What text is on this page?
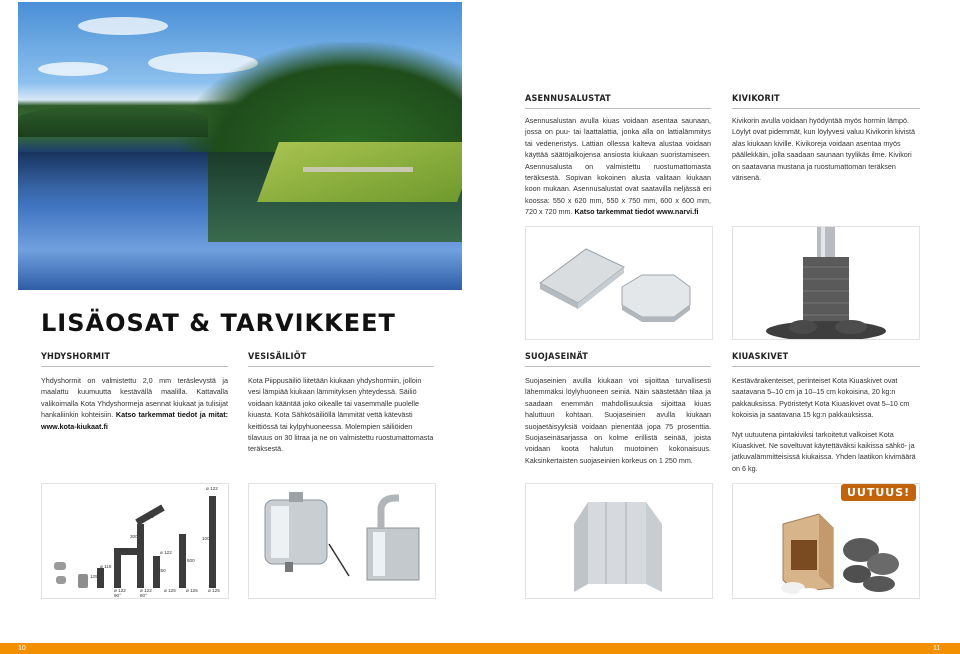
ASENNUSALUSTAT
Asennusalustan avulla kiuas voidaan asentaa saunaan, jossa on puu- tai laattalattia, jonka alla on lattialämmitys tai vedeneristys. Lattian ollessa kalteva alustaa voidaan käyttää säätöjalkojensa ansiosta kiukaan suoristamiseen. Asennusalusta on valmistettu ruostumattomasta teräksestä. Sopivan kokoinen alusta valitaan kiukaan koon mukaan. Asennusalustat ovat saatavilla neljässä eri koossa: 550 x 620 mm, 550 x 750 mm, 600 x 600 mm, 720 x 720 mm. Katso tarkemmat tiedot www.narvi.fi
KIVIKORIT
Kivikorin avulla voidaan hyödyntää myös hormin lämpö. Löylyt ovat pidemmät, kun löylyvesi valuu Kivikorin kivistä alas kiukaan kiville. Kivikoreja voidaan asentaa myös päällekkäin, jolla saadaan saunaan tyylikäs ilme. Kivikori on saatavana mustana ja ruostumattoman teräksen värisenä.
LISÄOSAT & TARVIKKEET
YHDYSHORMIT
Yhdyshormit on valmistettu 2,0 mm teräslevystä ja maalattu kuumuutta kestävällä maalilla. Kattavalla valikoimalla Kota Yhdyshormeja asennat kiukaat ja tulisijat hankaliinkin kohteisiin. Katso tarkemmat tiedot ja mitat: www.kota-kiukaat.fi
VESISÄILIÖT
Kota Piippusäiliö liitetään kiukaan yhdyshormiin, jolloin vesi lämpiää kiukaan lämmityksen yhteydessä. Säiliö voidaan kääntää joko oikealle tai vasemmalle puolelle kiuasta. Kota Sähkösäiliöllä lämmität vettä kätevästi keittiössä tai kylpyhuoneessa. Molempien säiliöiden tilavuus on 30 litraa ja ne on valmistettu ruostumattomasta teräksestä.
SUOJASEINÄT
Suojaseinien avulla kiukaan voi sijoittaa turvallisesti lähemmäksi löylyhuoneen seiniä. Näin säästetään tilaa ja saadaan enemmän mahdollisuuksia sijoittaa kiuas haluttuun kohtaan. Suojaseinien avulla kiukaan suojaetäisyyksiä voidaan pienentää jopa 75 prosenttia. Suojaseinäsarjassa on kolme erillistä seinää, joista voidaan koota halutun muotoinen kokonaisuus. Kaksinkertaisten suojaseinien korkeus on 1 250 mm.
KIUASKIVET
Kestävärakenteiset, perinteiset Kota Kiuaskivet ovat saatavana 5–10 cm ja 10–15 cm kokoisina, 20 kg:n pakkauksissa. Pyöristetyt Kota Kiuaskivet ovat 5–10 cm kokoisia ja saatavana 15 kg:n pakkauksissa.
Nyt uutuutena pintakiviksi tarkoitetut valkoiset Kota Kiuaskivet. Ne soveltuvat käytettäväksi kaikissa sähkö- ja jatkuvalämmitteisissä kiukaissa. Yhden laatikon kivimäärä on 6 kg.
ø 122
375
260
ø 122
ø 118
1000
500
250
300
125
ø 122
90°
ø 122
60°
ø 125 ø 125 ø 125
UUTUUS!
10	11
